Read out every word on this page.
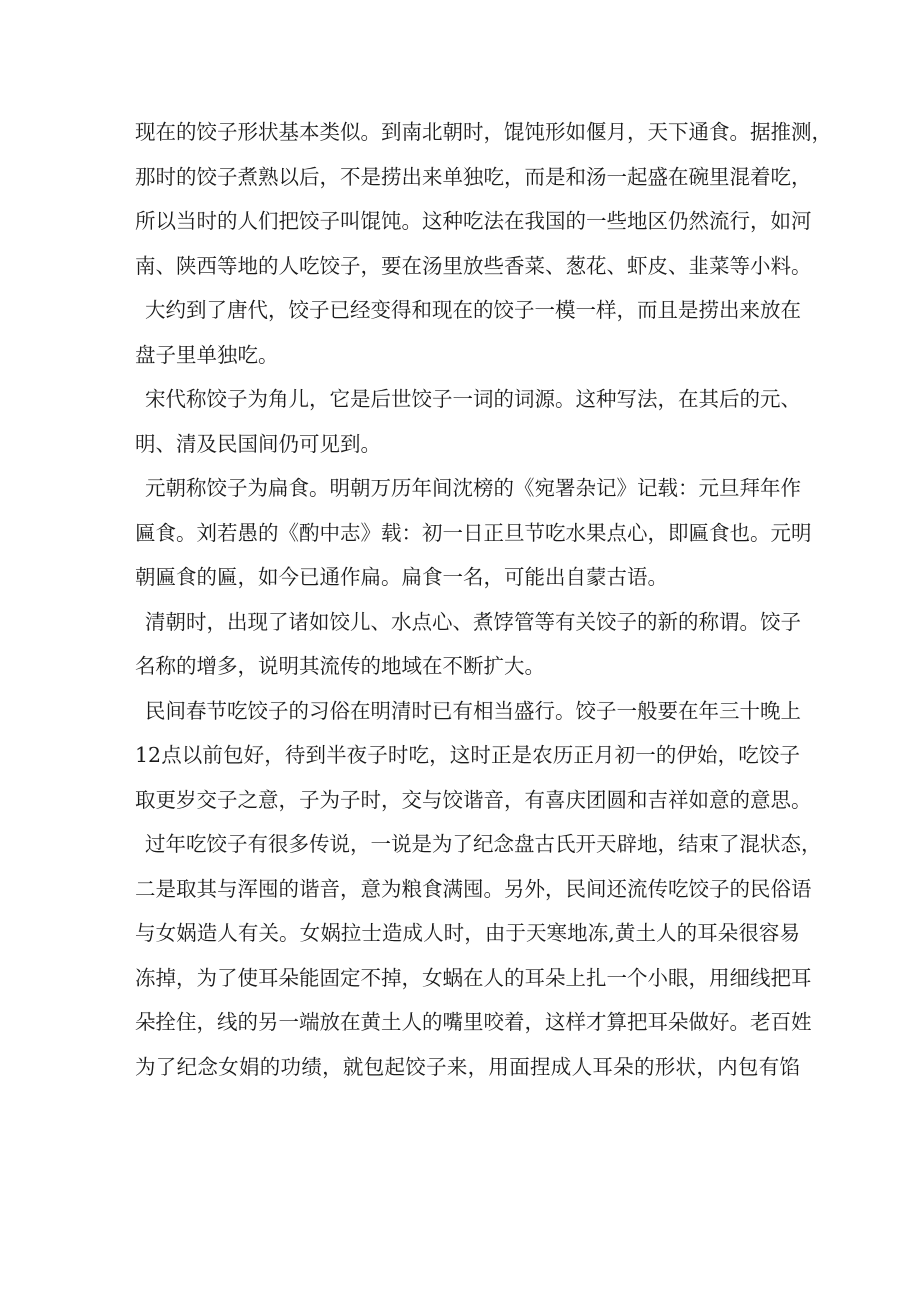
现在的饺子形状基本类似。到南北朝时，馄饨形如偃月，天下通食。据推测，
那时的饺子煮熟以后，不是捞出来单独吃，而是和汤一起盛在碗里混着吃，
所以当时的人们把饺子叫馄饨。这种吃法在我国的一些地区仍然流行，如河
南、陕西等地的人吃饺子，要在汤里放些香菜、葱花、虾皮、韭菜等小料。
大约到了唐代，饺子已经变得和现在的饺子一模一样，而且是捞出来放在
盘子里单独吃。
宋代称饺子为角儿，它是后世饺子一词的词源。这种写法，在其后的元、
明、清及民国间仍可见到。
元朝称饺子为扁食。明朝万历年间沈榜的《宛署杂记》记载：元旦拜年作
匾食。刘若愚的《酌中志》载：初一日正旦节吃水果点心，即匾食也。元明
朝匾食的匾，如今已通作扁。扁食一名，可能出自蒙古语。
清朝时，出现了诸如饺儿、水点心、煮饽管等有关饺子的新的称谓。饺子
名称的增多，说明其流传的地域在不断扩大。
民间春节吃饺子的习俗在明清时已有相当盛行。饺子一般要在年三十晚上
12点以前包好，待到半夜子时吃，这时正是农历正月初一的伊始，吃饺子
取更岁交子之意，子为子时，交与饺谐音，有喜庆团圆和吉祥如意的意思。
过年吃饺子有很多传说，一说是为了纪念盘古氏开天辟地，结束了混状态，
二是取其与浑囤的谐音，意为粮食满囤。另外，民间还流传吃饺子的民俗语
与女娲造人有关。女娲拉士造成人时，由于天寒地冻,黄土人的耳朵很容易
冻掉，为了使耳朵能固定不掉，女蜗在人的耳朵上扎一个小眼，用细线把耳
朵拴住，线的另一端放在黄土人的嘴里咬着，这样才算把耳朵做好。老百姓
为了纪念女娟的功绩，就包起饺子来，用面捏成人耳朵的形状，内包有馅
